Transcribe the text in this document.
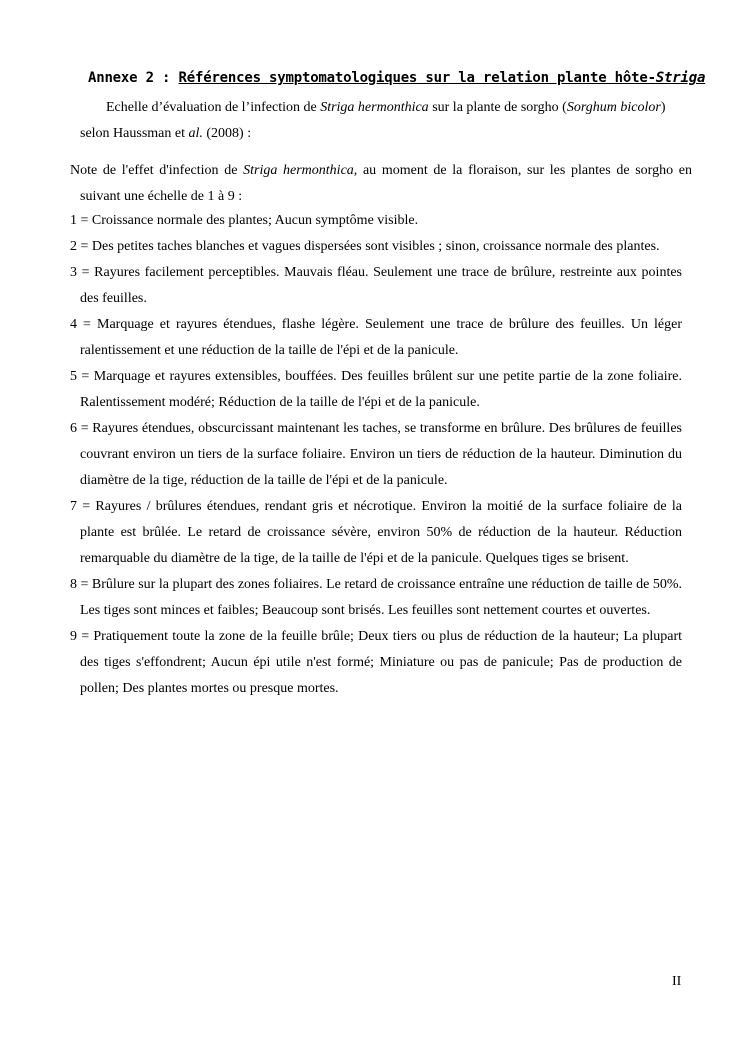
Annexe 2 : Références symptomatologiques sur la relation plante hôte-Striga
Echelle d’évaluation de l’infection de Striga hermonthica sur la plante de sorgho (Sorghum bicolor) selon Haussman et al. (2008) :
Note de l'effet d'infection de Striga hermonthica, au moment de la floraison, sur les plantes de sorgho en suivant une échelle de 1 à 9 :
1 = Croissance normale des plantes; Aucun symptôme visible.
2 = Des petites taches blanches et vagues dispersées sont visibles ; sinon, croissance normale des plantes.
3 = Rayures facilement perceptibles. Mauvais fléau. Seulement une trace de brûlure, restreinte aux pointes des feuilles.
4 = Marquage et rayures étendues, flashe légère. Seulement une trace de brûlure des feuilles. Un léger ralentissement et une réduction de la taille de l'épi et de la panicule.
5 = Marquage et rayures extensibles, bouffées. Des feuilles brûlent sur une petite partie de la zone foliaire. Ralentissement modéré; Réduction de la taille de l'épi et de la panicule.
6 = Rayures étendues, obscurcissant maintenant les taches, se transforme en brûlure. Des brûlures de feuilles couvrant environ un tiers de la surface foliaire. Environ un tiers de réduction de la hauteur. Diminution du diamètre de la tige, réduction de la taille de l'épi et de la panicule.
7 = Rayures / brûlures étendues, rendant gris et nécrotique. Environ la moitié de la surface foliaire de la plante est brûlée. Le retard de croissance sévère, environ 50% de réduction de la hauteur. Réduction remarquable du diamètre de la tige, de la taille de l'épi et de la panicule. Quelques tiges se brisent.
8 = Brûlure sur la plupart des zones foliaires. Le retard de croissance entraîne une réduction de taille de 50%. Les tiges sont minces et faibles; Beaucoup sont brisés. Les feuilles sont nettement courtes et ouvertes.
9 = Pratiquement toute la zone de la feuille brûle; Deux tiers ou plus de réduction de la hauteur; La plupart des tiges s'effondrent; Aucun épi utile n'est formé; Miniature ou pas de panicule; Pas de production de pollen; Des plantes mortes ou presque mortes.
II
